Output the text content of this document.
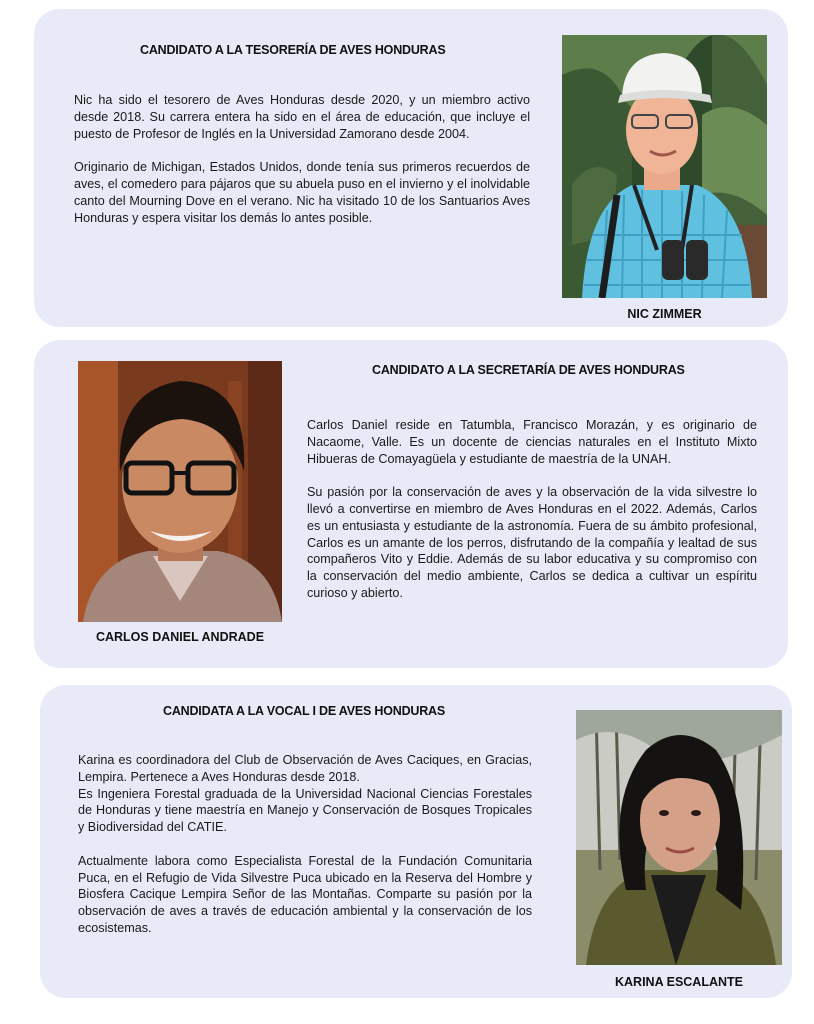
CANDIDATO A LA TESORERÍA DE AVES HONDURAS

Nic ha sido el tesorero de Aves Honduras desde 2020, y un miembro activo desde 2018. Su carrera entera ha sido en el área de educación, que incluye el puesto de Profesor de Inglés en la Universidad Zamorano desde 2004.

Originario de Michigan, Estados Unidos, donde tenía sus primeros recuerdos de aves, el comedero para pájaros que su abuela puso en el invierno y el inolvidable canto del Mourning Dove en el verano. Nic ha visitado 10 de los Santuarios Aves Honduras y espera visitar los demás lo antes posible.

NIC ZIMMER
CANDIDATO A LA SECRETARÍA DE AVES HONDURAS

Carlos Daniel reside en Tatumbla, Francisco Morazán, y es originario de Nacaome, Valle. Es un docente de ciencias naturales en el Instituto Mixto Hibueras de Comayagüela y estudiante de maestría de la UNAH.

Su pasión por la conservación de aves y la observación de la vida silvestre lo llevó a convertirse en miembro de Aves Honduras en el 2022. Además, Carlos es un entusiasta y estudiante de la astronomía. Fuera de su ámbito profesional, Carlos es un amante de los perros, disfrutando de la compañía y lealtad de sus compañeros Vito y Eddie. Además de su labor educativa y su compromiso con la conservación del medio ambiente, Carlos se dedica a cultivar un espíritu curioso y abierto.

CARLOS DANIEL ANDRADE
CANDIDATA A LA VOCAL I DE AVES HONDURAS

Karina es coordinadora del Club de Observación de Aves Caciques, en Gracias, Lempira. Pertenece a Aves Honduras desde 2018.

Es Ingeniera Forestal graduada de la Universidad Nacional Ciencias Forestales de Honduras y tiene maestría en Manejo y Conservación de Bosques Tropicales y Biodiversidad del CATIE.

Actualmente labora como Especialista Forestal de la Fundación Comunitaria Puca, en el Refugio de Vida Silvestre Puca ubicado en la Reserva del Hombre y Biosfera Cacique Lempira Señor de las Montañas. Comparte su pasión por la observación de aves a través de educación ambiental y la conservación de los ecosistemas.

KARINA ESCALANTE
